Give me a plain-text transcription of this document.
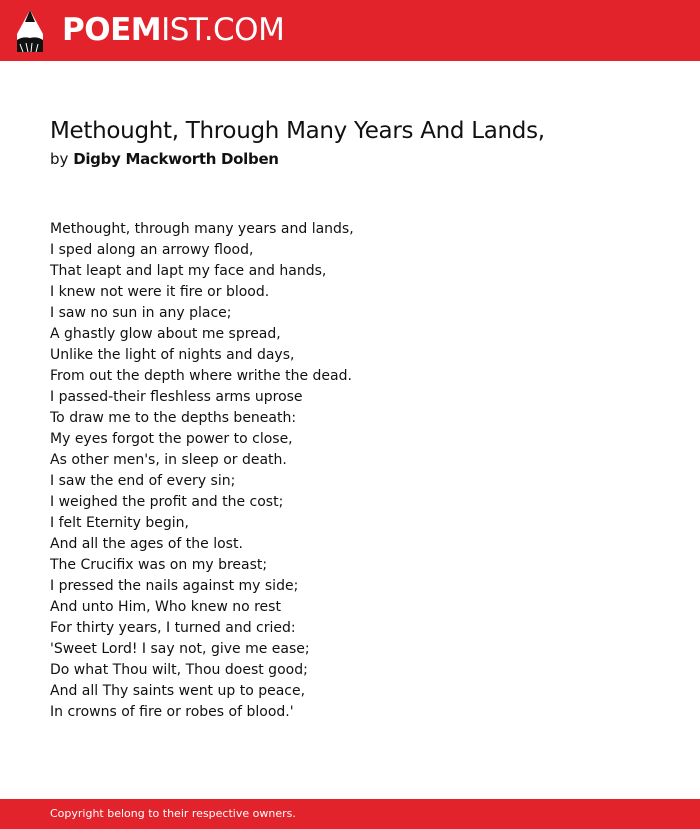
POEMIST.COM
Methought, Through Many Years And Lands,
by Digby Mackworth Dolben
Methought, through many years and lands,
I sped along an arrowy flood,
That leapt and lapt my face and hands,
I knew not were it fire or blood.
I saw no sun in any place;
A ghastly glow about me spread,
Unlike the light of nights and days,
From out the depth where writhe the dead.
I passed-their fleshless arms uprose
To draw me to the depths beneath:
My eyes forgot the power to close,
As other men's, in sleep or death.
I saw the end of every sin;
I weighed the profit and the cost;
I felt Eternity begin,
And all the ages of the lost.
The Crucifix was on my breast;
I pressed the nails against my side;
And unto Him, Who knew no rest
For thirty years, I turned and cried:
'Sweet Lord! I say not, give me ease;
Do what Thou wilt, Thou doest good;
And all Thy saints went up to peace,
In crowns of fire or robes of blood.'
Copyright belong to their respective owners.
